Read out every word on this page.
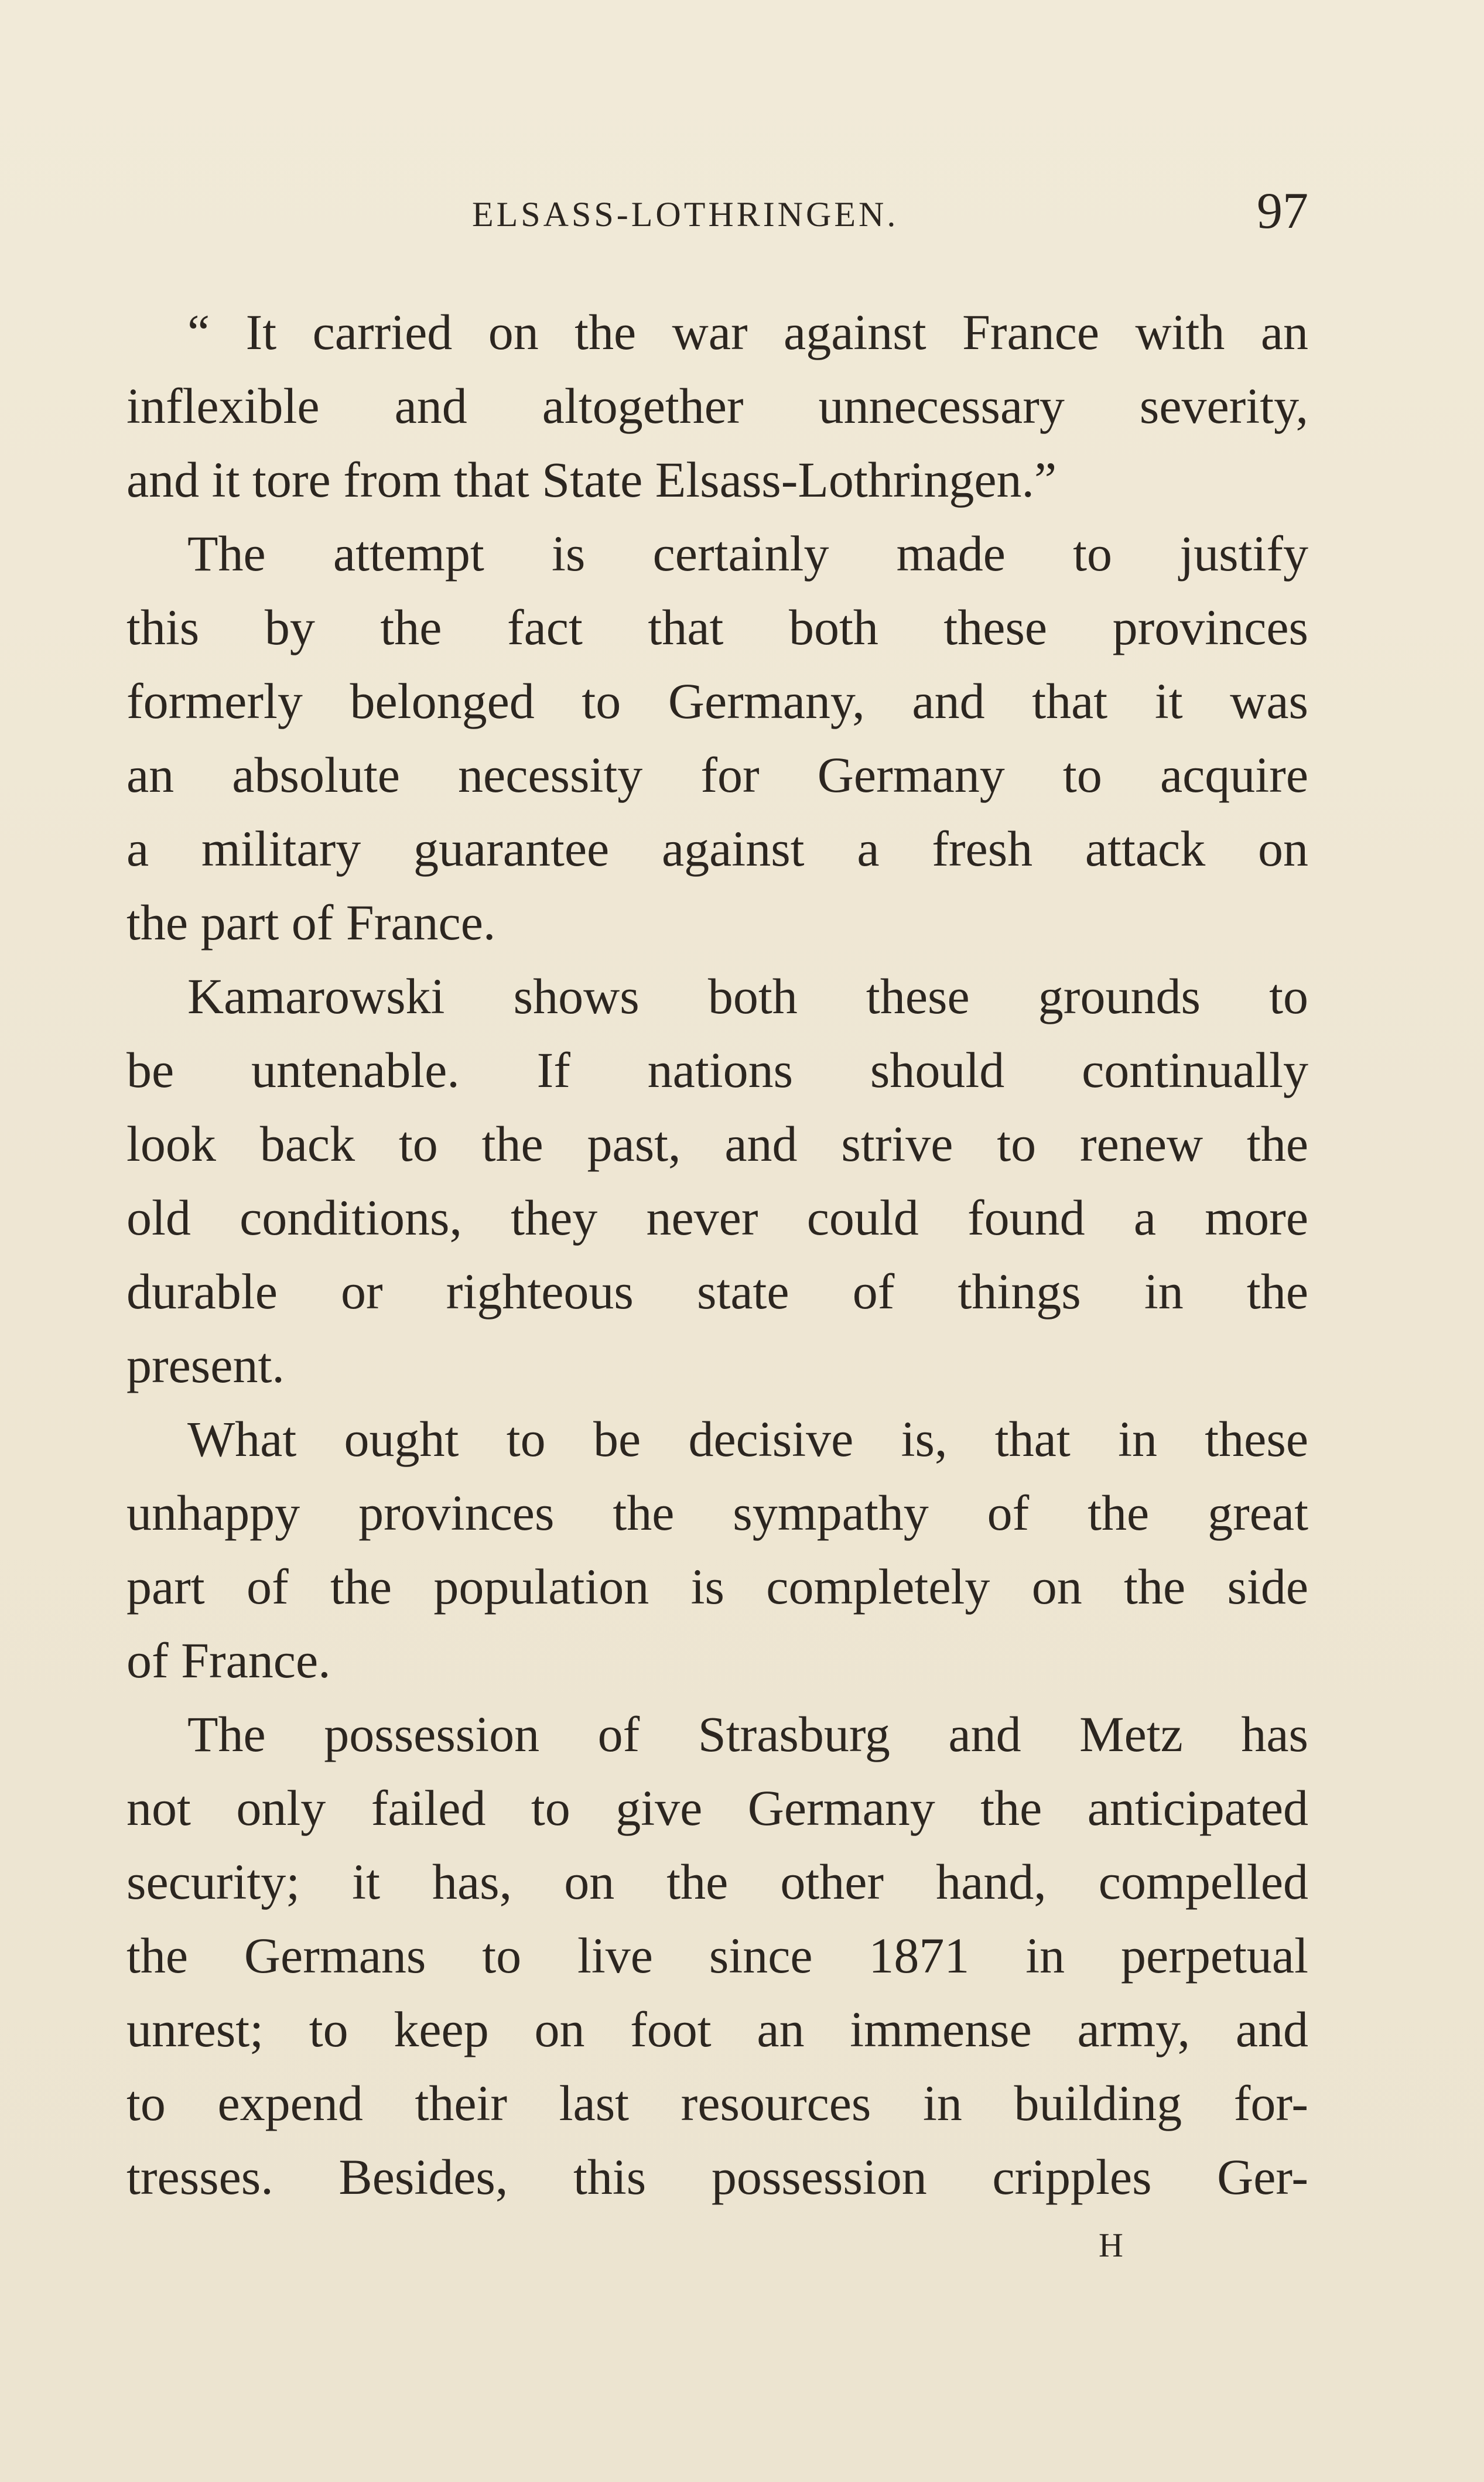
ELSASS-LOTHRINGEN.	97
“ It carried on the war against France with an
inflexible and altogether unnecessary severity,
and it tore from that State Elsass-Lothringen.”
The attempt is certainly made to justify
this by the fact that both these provinces
formerly belonged to Germany, and that it was
an absolute necessity for Germany to acquire
a military guarantee against a fresh attack on
the part of France.
Kamarowski shows both these grounds to
be untenable. If nations should continually
look back to the past, and strive to renew the
old conditions, they never could found a more
durable or righteous state of things in the
present.
What ought to be decisive is, that in these
unhappy provinces the sympathy of the great
part of the population is completely on the side
of France.
The possession of Strasburg and Metz has
not only failed to give Germany the anticipated
security; it has, on the other hand, compelled
the Germans to live since 1871 in perpetual
unrest; to keep on foot an immense army, and
to expend their last resources in building for-
tresses. Besides, this possession cripples Ger-
H
